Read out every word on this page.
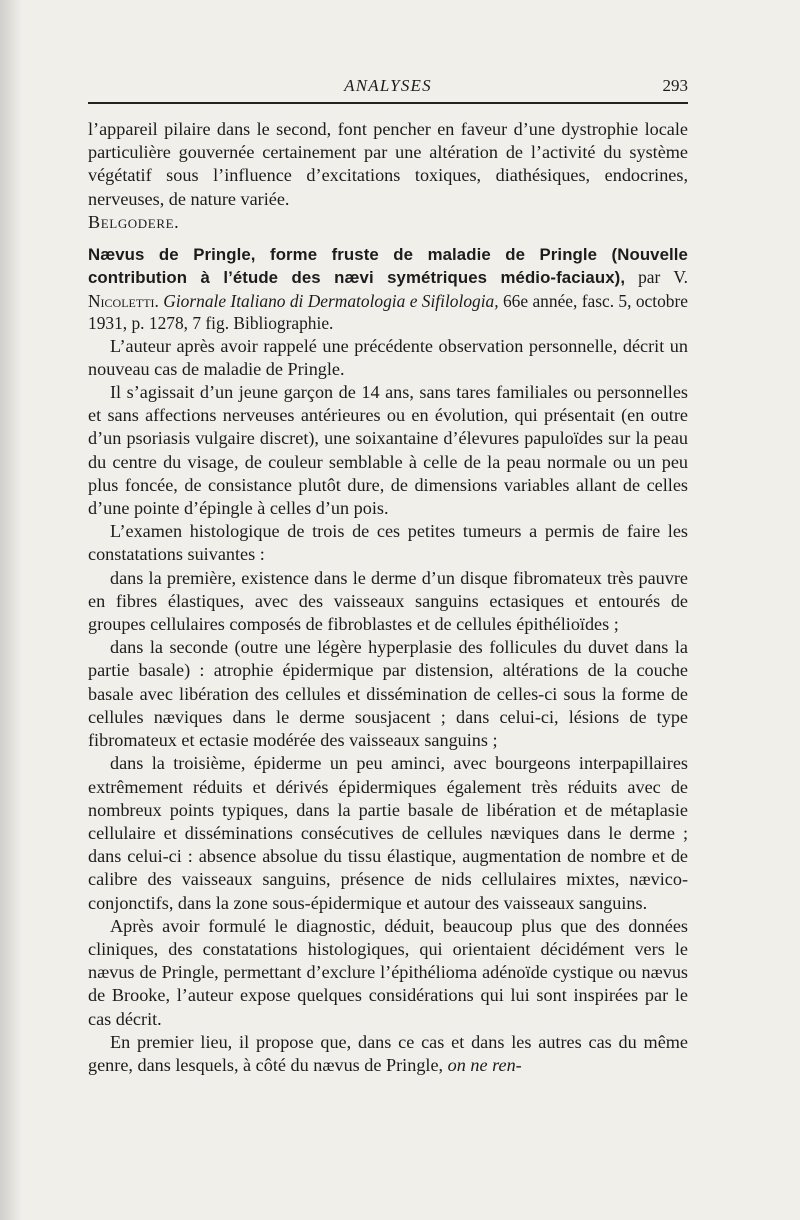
ANALYSES	293

l’appareil pilaire dans le second, font pencher en faveur d’une dystrophie locale particulière gouvernée certainement par une altération de l’activité du système végétatif sous l’influence d’excitations toxiques, diathésiques, endocrines, nerveuses, de nature variée.

Belgodere.

Nævus de Pringle, forme fruste de maladie de Pringle (Nouvelle contribution à l’étude des nævi symétriques médio-faciaux), par V. Nicoletti. Giornale Italiano di Dermatologia e Sifilologia, 66e année, fasc. 5, octobre 1931, p. 1278, 7 fig. Bibliographie.

L’auteur après avoir rappelé une précédente observation personnelle, décrit un nouveau cas de maladie de Pringle.

Il s’agissait d’un jeune garçon de 14 ans, sans tares familiales ou personnelles et sans affections nerveuses antérieures ou en évolution, qui présentait (en outre d’un psoriasis vulgaire discret), une soixantaine d’élevures papuloïdes sur la peau du centre du visage, de couleur semblable à celle de la peau normale ou un peu plus foncée, de consistance plutôt dure, de dimensions variables allant de celles d’une pointe d’épingle à celles d’un pois.

L’examen histologique de trois de ces petites tumeurs a permis de faire les constatations suivantes :

dans la première, existence dans le derme d’un disque fibromateux très pauvre en fibres élastiques, avec des vaisseaux sanguins ectasiques et entourés de groupes cellulaires composés de fibroblastes et de cellules épithélioïdes ;

dans la seconde (outre une légère hyperplasie des follicules du duvet dans la partie basale) : atrophie épidermique par distension, altérations de la couche basale avec libération des cellules et dissémination de celles-ci sous la forme de cellules næviques dans le derme sousjacent ; dans celui-ci, lésions de type fibromateux et ectasie modérée des vaisseaux sanguins ;

dans la troisième, épiderme un peu aminci, avec bourgeons interpapillaires extrêmement réduits et dérivés épidermiques également très réduits avec de nombreux points typiques, dans la partie basale de libération et de métaplasie cellulaire et disséminations consécutives de cellules næviques dans le derme ; dans celui-ci : absence absolue du tissu élastique, augmentation de nombre et de calibre des vaisseaux sanguins, présence de nids cellulaires mixtes, nævico-conjonctifs, dans la zone sous-épidermique et autour des vaisseaux sanguins.

Après avoir formulé le diagnostic, déduit, beaucoup plus que des données cliniques, des constatations histologiques, qui orientaient décidément vers le nævus de Pringle, permettant d’exclure l’épithélioma adénoïde cystique ou nævus de Brooke, l’auteur expose quelques considérations qui lui sont inspirées par le cas décrit.

En premier lieu, il propose que, dans ce cas et dans les autres cas du même genre, dans lesquels, à côté du nævus de Pringle, on ne ren-
